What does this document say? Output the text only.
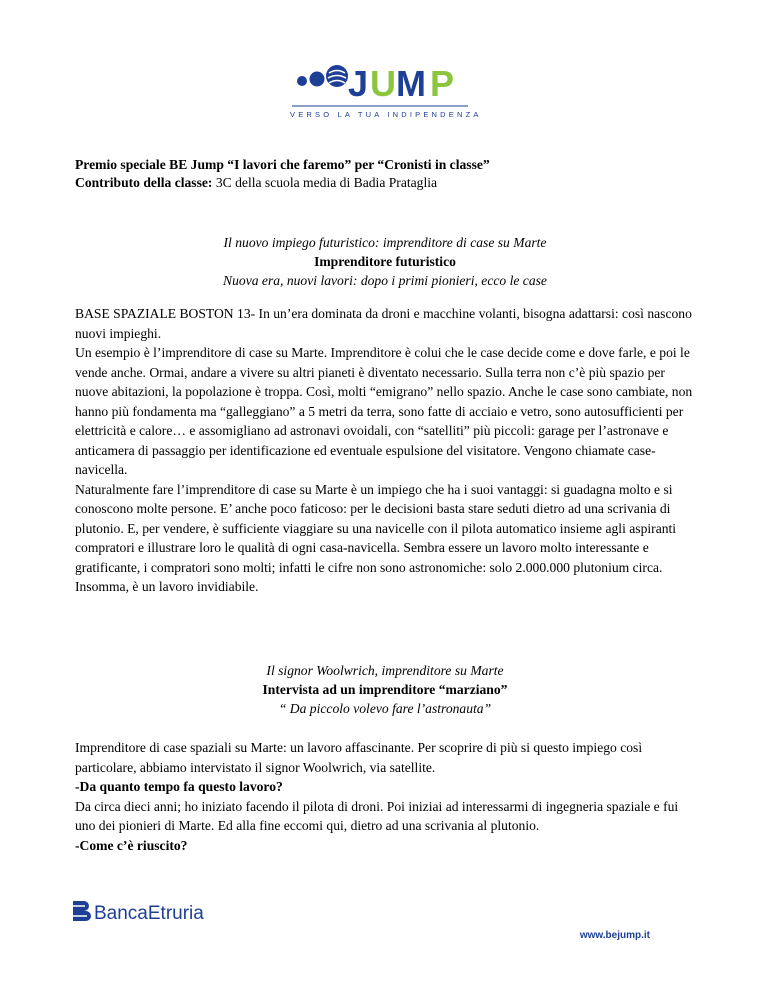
J U M P
VERSO LA TUA INDIPENDENZA
Premio speciale BE Jump “I lavori che faremo” per “Cronisti in classe”
Contributo della classe: 3C della scuola media di Badia Prataglia
Il nuovo impiego futuristico: imprenditore di case su Marte
Imprenditore futuristico
Nuova era, nuovi lavori: dopo i primi pionieri, ecco le case

BASE SPAZIALE BOSTON 13- In un’era dominata da droni e macchine volanti, bisogna adattarsi: così nascono nuovi impieghi.

Un esempio è l’imprenditore di case su Marte. Imprenditore è colui che le case decide come e dove farle, e poi le vende anche. Ormai, andare a vivere su altri pianeti è diventato necessario. Sulla terra non c’è più spazio per nuove abitazioni, la popolazione è troppa. Così, molti “emigrano” nello spazio. Anche le case sono cambiate, non hanno più fondamenta ma “galleggiano” a 5 metri da terra, sono fatte di acciaio e vetro, sono autosufficienti per elettricità e calore… e assomigliano ad astronavi ovoidali, con “satelliti” più piccoli: garage per l’astronave e anticamera di passaggio per identificazione ed eventuale espulsione del visitatore. Vengono chiamate case-navicella.

Naturalmente fare l’imprenditore di case su Marte è un impiego che ha i suoi vantaggi: si guadagna molto e si conoscono molte persone. E’ anche poco faticoso: per le decisioni basta stare seduti dietro ad una scrivania di plutonio. E, per vendere, è sufficiente viaggiare su una navicelle con il pilota automatico insieme agli aspiranti compratori e illustrare loro le qualità di ogni casa-navicella. Sembra essere un lavoro molto interessante e gratificante, i compratori sono molti; infatti le cifre non sono astronomiche: solo 2.000.000 plutonium circa.

Insomma, è un lavoro invidiabile.

Il signor Woolwrich, imprenditore su Marte
Intervista ad un imprenditore “marziano”
“ Da piccolo volevo fare l’astronauta”

Imprenditore di case spaziali su Marte: un lavoro affascinante. Per scoprire di più si questo impiego così particolare, abbiamo intervistato il signor Woolwrich, via satellite.

-Da quanto tempo fa questo lavoro?

Da circa dieci anni; ho iniziato facendo il pilota di droni. Poi iniziai ad interessarmi di ingegneria spaziale e fui uno dei pionieri di Marte. Ed alla fine eccomi qui, dietro ad una scrivania al plutonio.

-Come c’è riuscito?

BancaEtruria
www.bejump.it
